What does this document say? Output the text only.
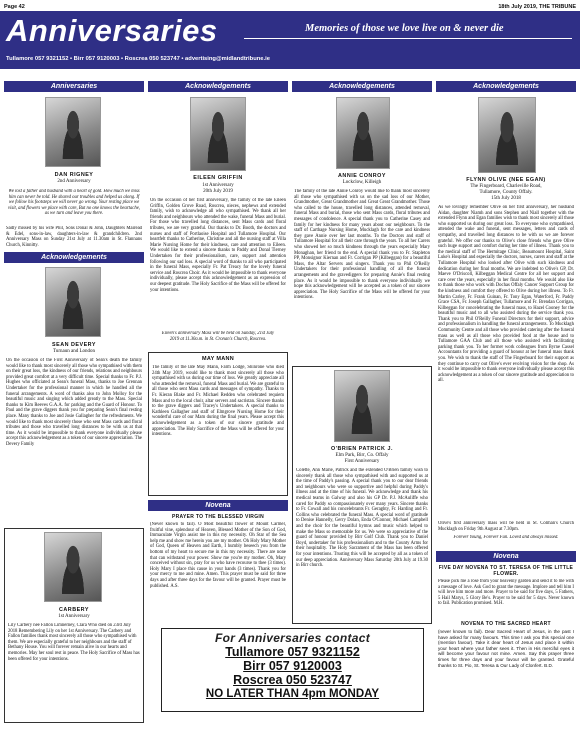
Page 42	18th July 2019, THE TRIBUNE
Anniversaries	Memories of those we love live on & never die
Tullamore 057 9321152 • Birr 057 9120003 • Roscrea 050 523747 • advertising@midlandtribune.ie
Anniversaries	Acknowledgements	Acknowledgements	Acknowledgements
DAN RIGNEY
2nd Anniversary
We lost a father and husband with a heart of gold. How much we miss him can never be told. He shared our troubles and helped us along. If we follow his footsteps we will never go wrong. Your resting place we visit, and flowers we place with care, But no one knows the heartache, as we turn and leave you there.
Sadly missed by his wife Phil, Sons Donal & John, Daughters Mairead & Edel, sons-in-law, daughters-in-law & grandchildren. 2nd Anniversary Mass on Sunday 21st July at 11.30am in St. Flannans Church, Kinnitty.
Acknowledgements
SEAN DEVERY
Turnaun and London
On the occasion of the First Anniversary of Sean's death the family would like to thank most sincerely all those who sympathised with them on their great loss, the kindness of our friends, relations and neighbours provided great comfort at a very difficult time. Special thanks to Fr. P.J. Hughes who officiated at Sean's funeral Mass, thanks to Joe Grennan Undertaker for the professional manner in which he handled all the funeral arrangements. A word of thanks also to John Molloy for the beautiful music and singing which added greatly to the Mass. Special thanks to Kim Reeves G.A.A. for parking and the Guard of Honour. To Paul and the grave diggers thank you for preparing Sean's final resting place. Many thanks to Joe and Josie Gallagher for the refreshments. We would like to thank most sincerely those who sent Mass cards and floral tributes and those who travelled long distances to be with us at that time. As it would be impossible to thank everyone individually please accept this acknowledgement as a token of our sincere appreciation. The Devery Family
CARBERY
1st Anniversary
Lily Carbery nee Fallon Limnerney, Clara Who died on 23rd July 2018 Remembering Lily on her 1st Anniversary. The Carbery and Fallon families thank most sincerely all those who sympathised with them. We are especially grateful to her neighbours and the staff of Bethany House. You will forever remain alive in our hearts and memories. May her soul rest in peace. The Holy Sacrifice of Mass has been offered for your intentions.
EILEEN GRIFFIN
1st Anniversary
20th July 2019
On the occasion of her first anniversary, the family of the late Eileen Griffin, Golden Grove Road, Roscrea, nieces, nephews and extended family, wish to acknowledge all who sympathised. We thank all her friends and neighbours who attended the wake, funeral Mass and burial. For those who travelled long distances, sent Mass cards and floral tributes, we are very grateful. Our thanks to Dr. Booth, the doctors and nurses and staff of Portlaoise Hospital and Tullamore Hospital. Our heartfelt thanks to Catherine, Christine and all the nursing staff at Villa Marie Nursing Home for their kindness, care and attention to Eileen. We would like to extend a sincere thanks to Paddy and Donal Tierney Undertaken for their professionalism, care, support and attention following our sad loss. A special word of thanks to all who participated in the funeral Mass, especially Fr. Pat Treacy for the lovely funeral service and Roscrea Choir. As it would be impossible to thank everyone individually, please accept this acknowledgement as an expression of our deepest gratitude. The Holy Sacrifice of the Mass will be offered for your intentions.
Eileen's anniversary Mass will be held on Sunday, 21st July 2019 at 11.30a.m. in St. Cronan's Church, Roscrea.
MAY MANN
The family of the late May Mann, Farm Lodge, Shinrone who died 24th May 2019, would like to thank most sincerely all those who sympathised with us during our time of loss. We greatly appreciate all who attended the removal, funeral Mass and burial. We are grateful to all those who sent Mass cards and messages of sympathy. Thanks to Fr. Kieran Blake and Fr. Michael Redden who celebrated requiem Mass and to the local choir, altar servers and sacristan. Sincere thanks to the grave diggers and Tracey's Undertakers. A special thanks to Kathleen Gallagher and staff of Elmgrove Nursing Home for their wonderful care of our Mam during the final years. Please accept this acknowledgement as a token of our sincere gratitude and appreciation. The Holy Sacrifice of the Mass will be offered for your intentions.
Novena
PRAYER TO THE BLESSED VIRGIN
(Never known to fail). O Most beautiful flower of Mount Carmel, fruitful vine, splendour of Heaven, Blessed Mother of the Son of God, Immaculate Virgin assist me in this my necessity. Oh Star of the Sea help me and show me herein you are my mother. Oh Holy Mary Mother of God, Queen of Heaven and Earth, I humbly beseech you from the bottom of my heart to secure me in this my necessity. There are none that can withstand your power. Show me you're my mother. Oh, Mary conceived without sin, pray for us who have recourse to thee (3 times). Holy Mary I place this cause in your hands (3 times). Thank you for your mercy to me and mine. Amen. This prayer must be said for three days and after three days for the favour will be granted. Prayer must be published. A.S.
ANNIE CONROY
Lockclow, Killeigh
The family of the late Annie Conroy would like to thank most sincerely all those who sympathised with us on the sad loss of our Mother, Grandmother, Great Grandmother and Great Great Grandmother. Those who called to the house, travelled long distances, attended removal, funeral Mass and burial, those who sent Mass cards, floral tributes and messages of condolence. A special thank you to Catherine Casey and family for her kindness for many years about our neighbours. To the staff of Carthage Nursing Home, Mucklagh for the care and kindness they gave Annie over her last months. To the Doctors and staff of Tullamore Hospital for all their care through the years. To all her Carers who showed her so much kindness through the years especially Mary Monaghan, her friend to the end. A special thank you to Fr. Stapleton PP, Monsignor Kiernan and Fr. Corrigan PP (Kilbeggan) for a beautiful Mass, the Altar Servers and singers. Thank you to Phil O'Reilly Undertakers for their professional handling of all the funeral arrangements and the gravediggers for preparing Annie's final resting place. As it would be impossible to thank everyone individually we hope this acknowledgement will be accepted as a token of our sincere appreciation. The Holy Sacrifice of the Mass will be offered for your intentions.
O'BRIEN PATRICK J.
Elm Park, Birr, Co. Offaly
First Anniversary
Colette, Ann Marie, Patrick and the extended O'Brien family wish to sincerely thank all those who sympathised with and supported us at the time of Paddy's passing. A special thank you to our dear friends and neighbours who were so supportive and helpful during Paddy's illness and at the time of his funeral. We acknowledge and thank his medical teams in Galway and also his GP Dr. P.J. McAuliffe who cared for Paddy so compassionately over many years. Sincere thanks to Fr. Cowall and his concelebrants Fr. Geraghty, Fr. Harding and Fr. Collins who celebrated the funeral Mass. A special word of gratitude to Denise Hannelly, Gerry Dolan, Enda O'Connor, Michael Campbell and the choir for the beautiful hymns and music which helped to make the Mass so memorable for us. We were so appreciative of the guard of honour provided by Birr Golf Club. Thank you to Daniel Boyd, undertaker for his professionalism and to the County Arms for their hospitality. The Holy Sacrament of the Mass has been offered for your intentions. Trusting this will be accepted by all as a token of our deep appreciation. Anniversary Mass Saturday 20th July at 19.30 in Birr church.
FLYNN OLIVE (NEE EGAN)
The Fingerboard, Charleville Road,
Tullamore, County Offaly.
15th July 2018
As we lovingly remember Olive on her first anniversary, her husband Aidan, daughter Niamh and sons Stephen and Niall together with the extended Flynn and Egan families wish to thank most sincerely all those who supported us during our great loss. To everyone who sympathised, attended the wake and funeral, sent messages, letters and cards of sympathy, and travelled long distances to be with us we are forever grateful. We offer our thanks to Olive's close friends who gave Olive such huge support and comfort during her time of illness. Thank you to the medical staff of The Hermitage Clinic, Beaumount Hospital, Saint Luke's Hospital and especially the doctors, nurses, carers and staff at the Tullamore Hospital who looked after Olive with such kindness and dedication during her final months. We are indebted to Olive's GP, Dr. Maeve O'Driscoll, Kilbeggan Medical Centre for all her support and care over the years, especially in her final months. We would also like to thank those who work with Dochas Offaly Cancer Support Group for the kindness and comfort they offered to Olive during her illness. To Fr. Martin Carley, Fr. Frank Guinan, Fr. Tony Egan, Waterford, Fr. Paddy Grace CSA, Fr. Joseph Gallagher, Tullamore and Fr. Brendan Corrigan, Kilbeggan for concelebrating the funeral mass, to Hazel Cooney for the beautiful music and to all who assisted during the service thank you. Thank you to Phil O'Reilly Funeral Directors for their support, advice and professionalism in handling the funeral arrangements. To Mucklagh Community Centre and all those who provided catering after the funeral mass as well as all those who provided food at the house and to Tullamore GAA Club and all those who assisted with facilitating parking thank you. To her former work colleagues from Byrne Cassel Accountants for providing a guard of honour at her funeral mass thank you. We wish to thank the staff of The Fingerboard for their support as they continue to carry out Olive's ever evolving vision for the shop. As it would be impossible to thank everyone individually please accept this acknowledgement as a token of our sincere gratitude and appreciation to all.
Olive's first anniversary mass will be held in St. Colman's Church Mucklagh on Friday 9th August at 7.30pm.
Forever Young, Forever Fun. Loved and always missed.
Novena
FIVE DAY NOVENA TO ST. TERESA OF THE LITTLE FLOWER.
Please pick me a rose from your heavenly garden and send it to me with a message of love. Ask God to grant the message. Implore and tell him I will love him more and more. Prayer to be said for five days, 5 Fathers, 5 Hail Marys, 5 Glory Be's. Prayer to be said for 5 days. Never known to fail. Publication promised. M.H.
NOVENA TO THE SACRED HEART
(never known to fail). Dear Sacred Heart of Jesus, in the past I have asked for many favours. This time I ask you this special one (mention favour). Take it dear heart of Jesus and place it within your heart where your father sees it. Then in His merciful eyes it will become your favour not mine. Amen. Say this prayer three times for three days and your favour will be granted. Grateful thanks to St. Pio, St. Teresa & Our Lady of Clonfert. B.D.
For Anniversaries contact
Tullamore 057 9321152
Birr 057 9120003
Roscrea 050 523747
NO LATER THAN 4pm MONDAY
